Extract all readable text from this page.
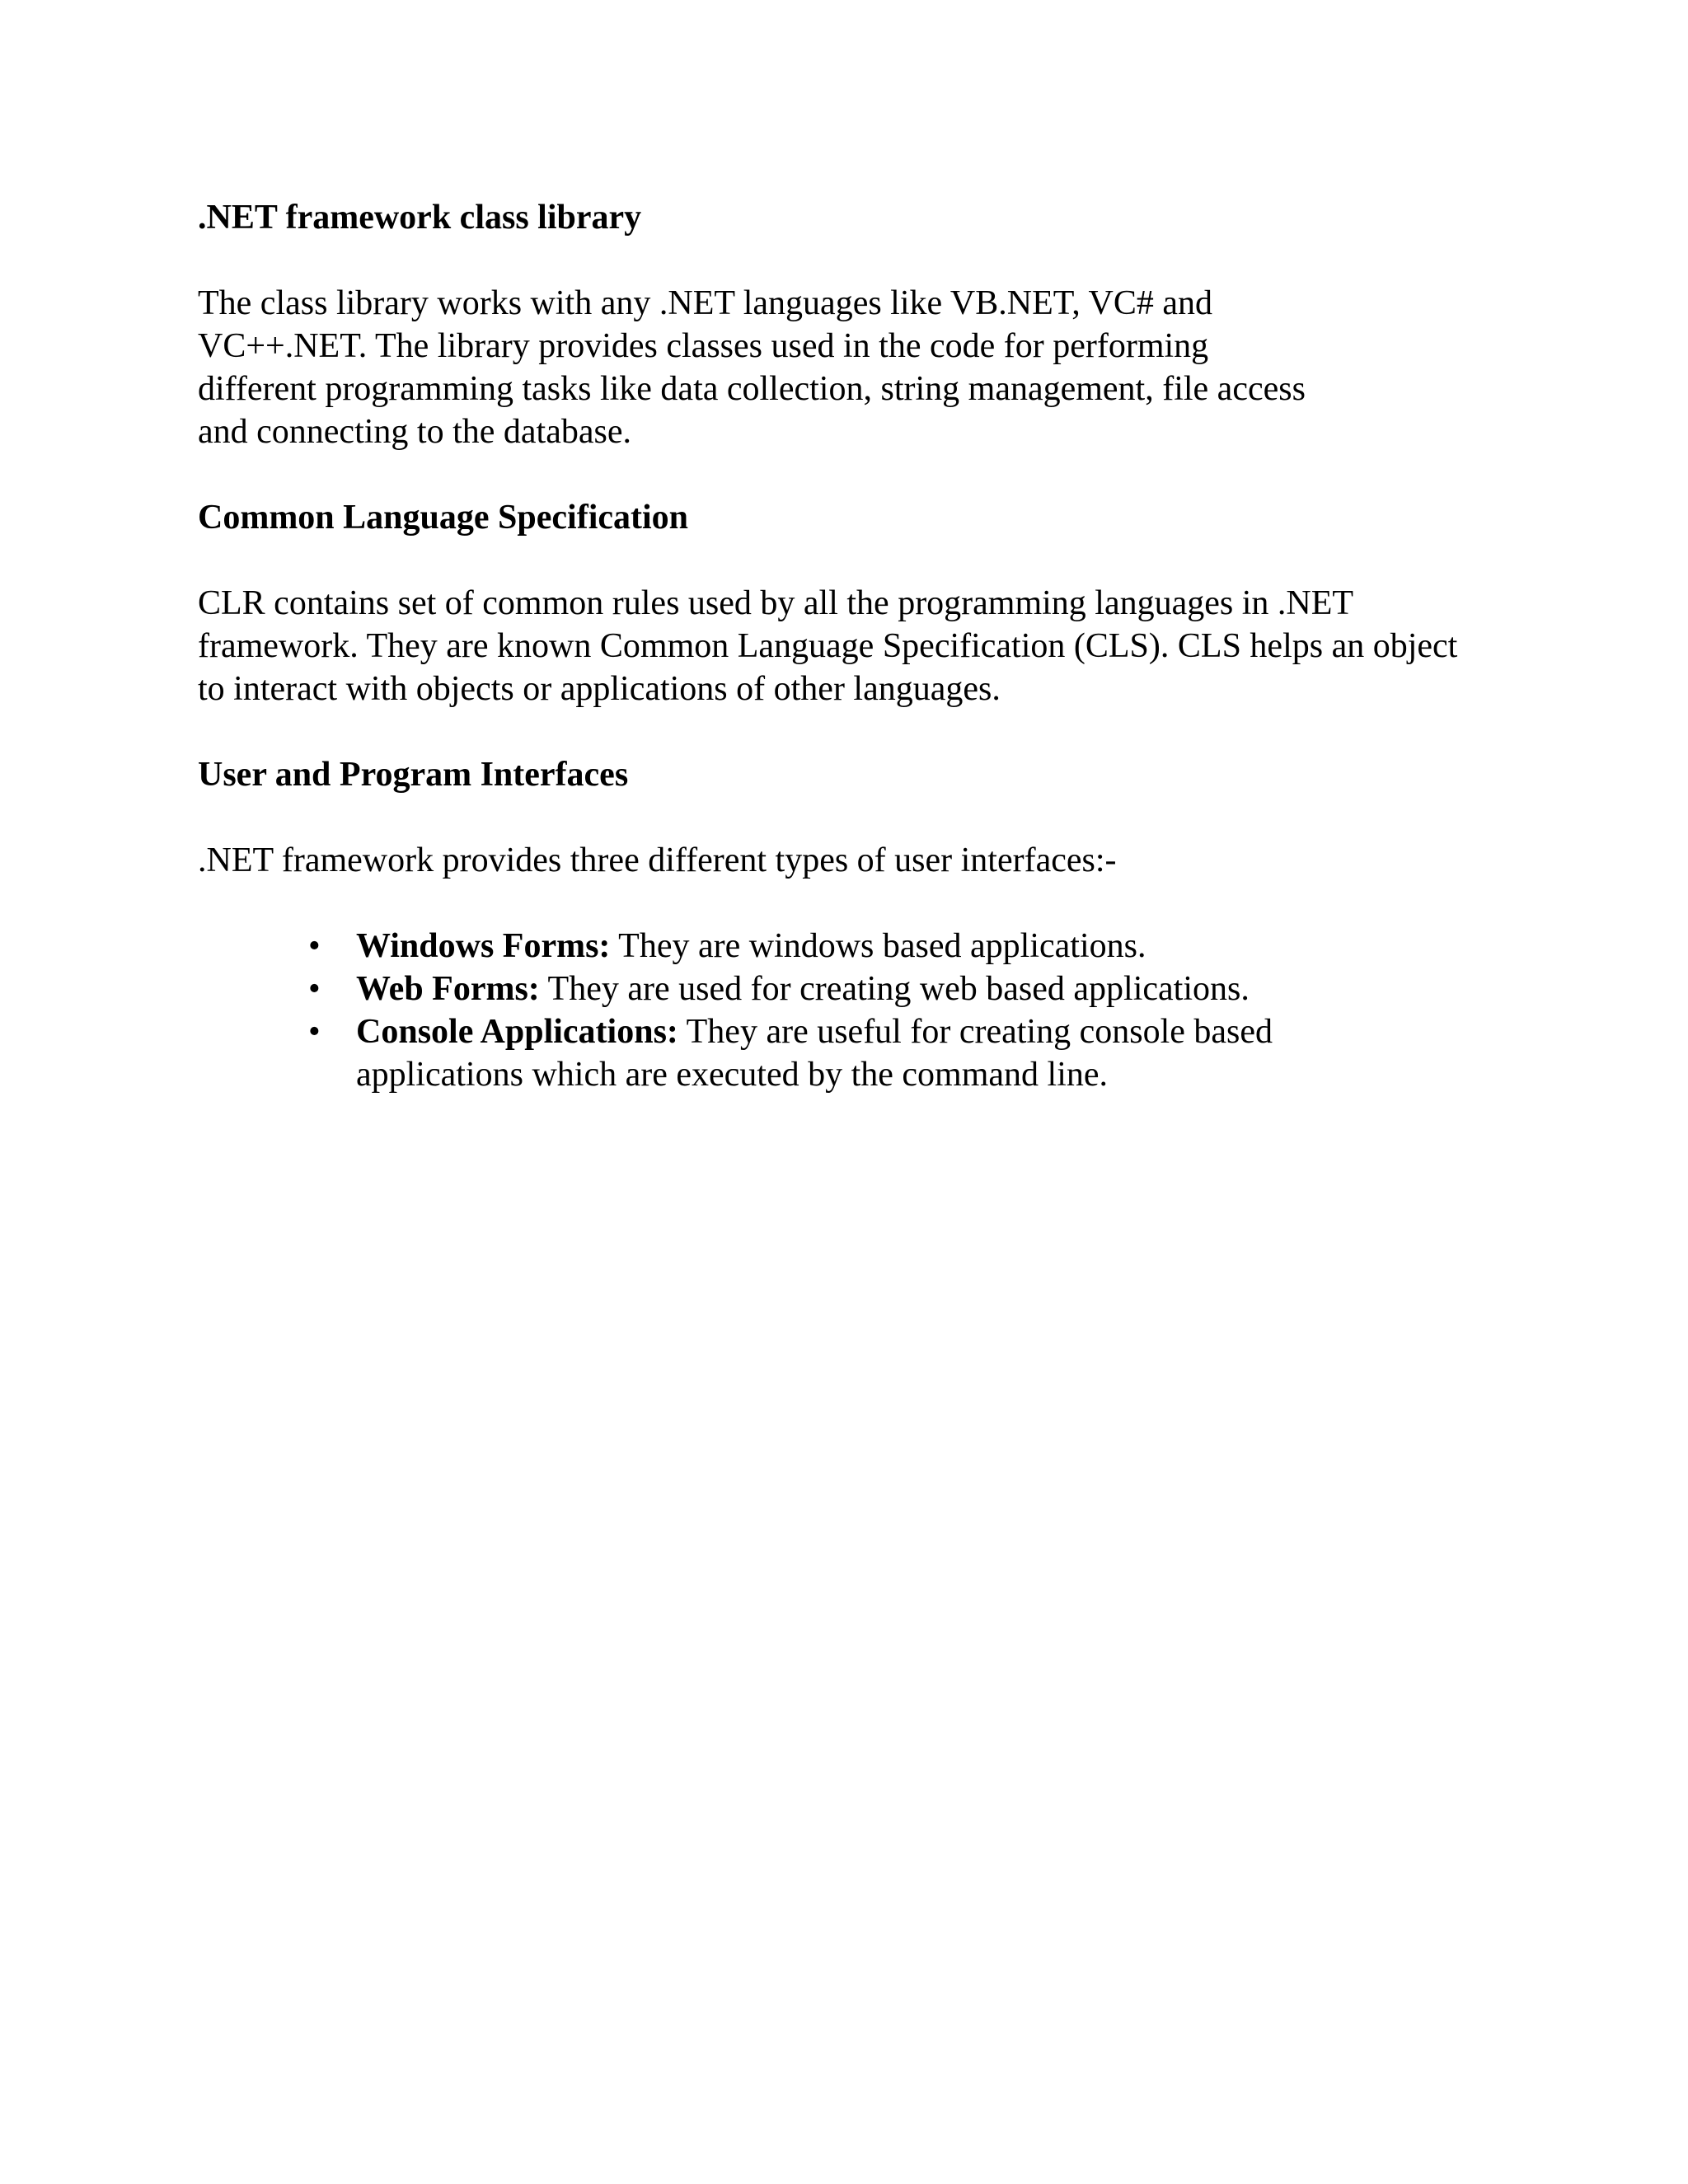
.NET framework class library

The class library works with any .NET languages like VB.NET, VC# and VC++.NET. The library provides classes used in the code for performing different programming tasks like data collection, string management, file access and connecting to the database.

Common Language Specification

CLR contains set of common rules used by all the programming languages in .NET framework. They are known Common Language Specification (CLS). CLS helps an object to interact with objects or applications of other languages.

User and Program Interfaces

.NET framework provides three different types of user interfaces:-

• Windows Forms: They are windows based applications.
• Web Forms: They are used for creating web based applications.
• Console Applications: They are useful for creating console based applications which are executed by the command line.
